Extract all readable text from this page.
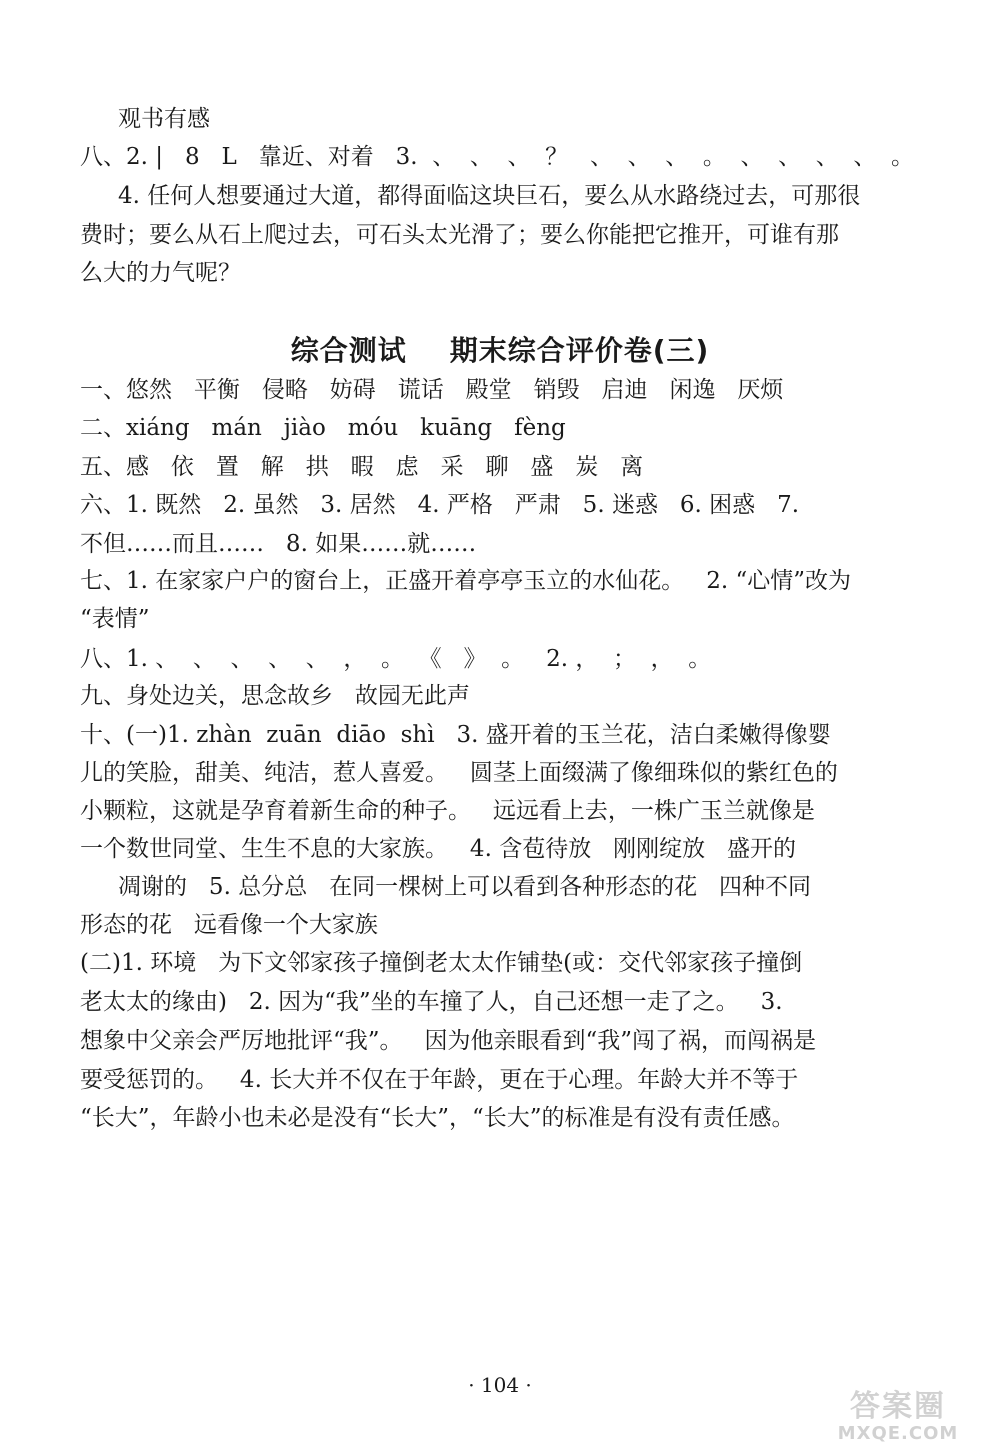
观书有感

八、2. |   8   L   靠近、对着   3.  、  、  、  ？   、  、  、  。  、  、  、  、  。

4. 任何人想要通过大道，都得面临这块巨石，要么从水路绕过去，可那很

费时；要么从石上爬过去，可石头太光滑了；要么你能把它推开，可谁有那

么大的力气呢？

综合测试    期末综合评价卷(三)

一、悠然   平衡   侵略   妨碍   谎话   殿堂   销毁   启迪   闲逸   厌烦

二、xiáng   mán   jiào   móu   kuāng   fèng

五、感   依   置   解   拱   暇   虑   采   聊   盛   炭   离

六、1. 既然   2. 虽然   3. 居然   4. 严格   严肃   5. 迷惑   6. 困惑   7.

不但……而且……   8. 如果……就……

七、1. 在家家户户的窗台上，正盛开着亭亭玉立的水仙花。   2. “心情”改为

“表情”

八、1. 、  、  、  、  、  ，  。  《   》  。   2. ，  ；  ，  。

九、身处边关，思念故乡   故园无此声

十、(一)1. zhàn  zuān  diāo  shì   3. 盛开着的玉兰花，洁白柔嫩得像婴

儿的笑脸，甜美、纯洁，惹人喜爱。   圆茎上面缀满了像细珠似的紫红色的

小颗粒，这就是孕育着新生命的种子。   远远看上去，一株广玉兰就像是

一个数世同堂、生生不息的大家族。   4. 含苞待放   刚刚绽放   盛开的

凋谢的   5. 总分总   在同一棵树上可以看到各种形态的花   四种不同

形态的花   远看像一个大家族

(二)1. 环境   为下文邻家孩子撞倒老太太作铺垫(或：交代邻家孩子撞倒

老太太的缘由)   2. 因为“我”坐的车撞了人，自己还想一走了之。   3.

想象中父亲会严厉地批评“我”。   因为他亲眼看到“我”闯了祸，而闯祸是

要受惩罚的。   4. 长大并不仅在于年龄，更在于心理。年龄大并不等于

“长大”，年龄小也未必是没有“长大”，“长大”的标准是有没有责任感。

· 104 ·
答案圈
MXQE.COM
